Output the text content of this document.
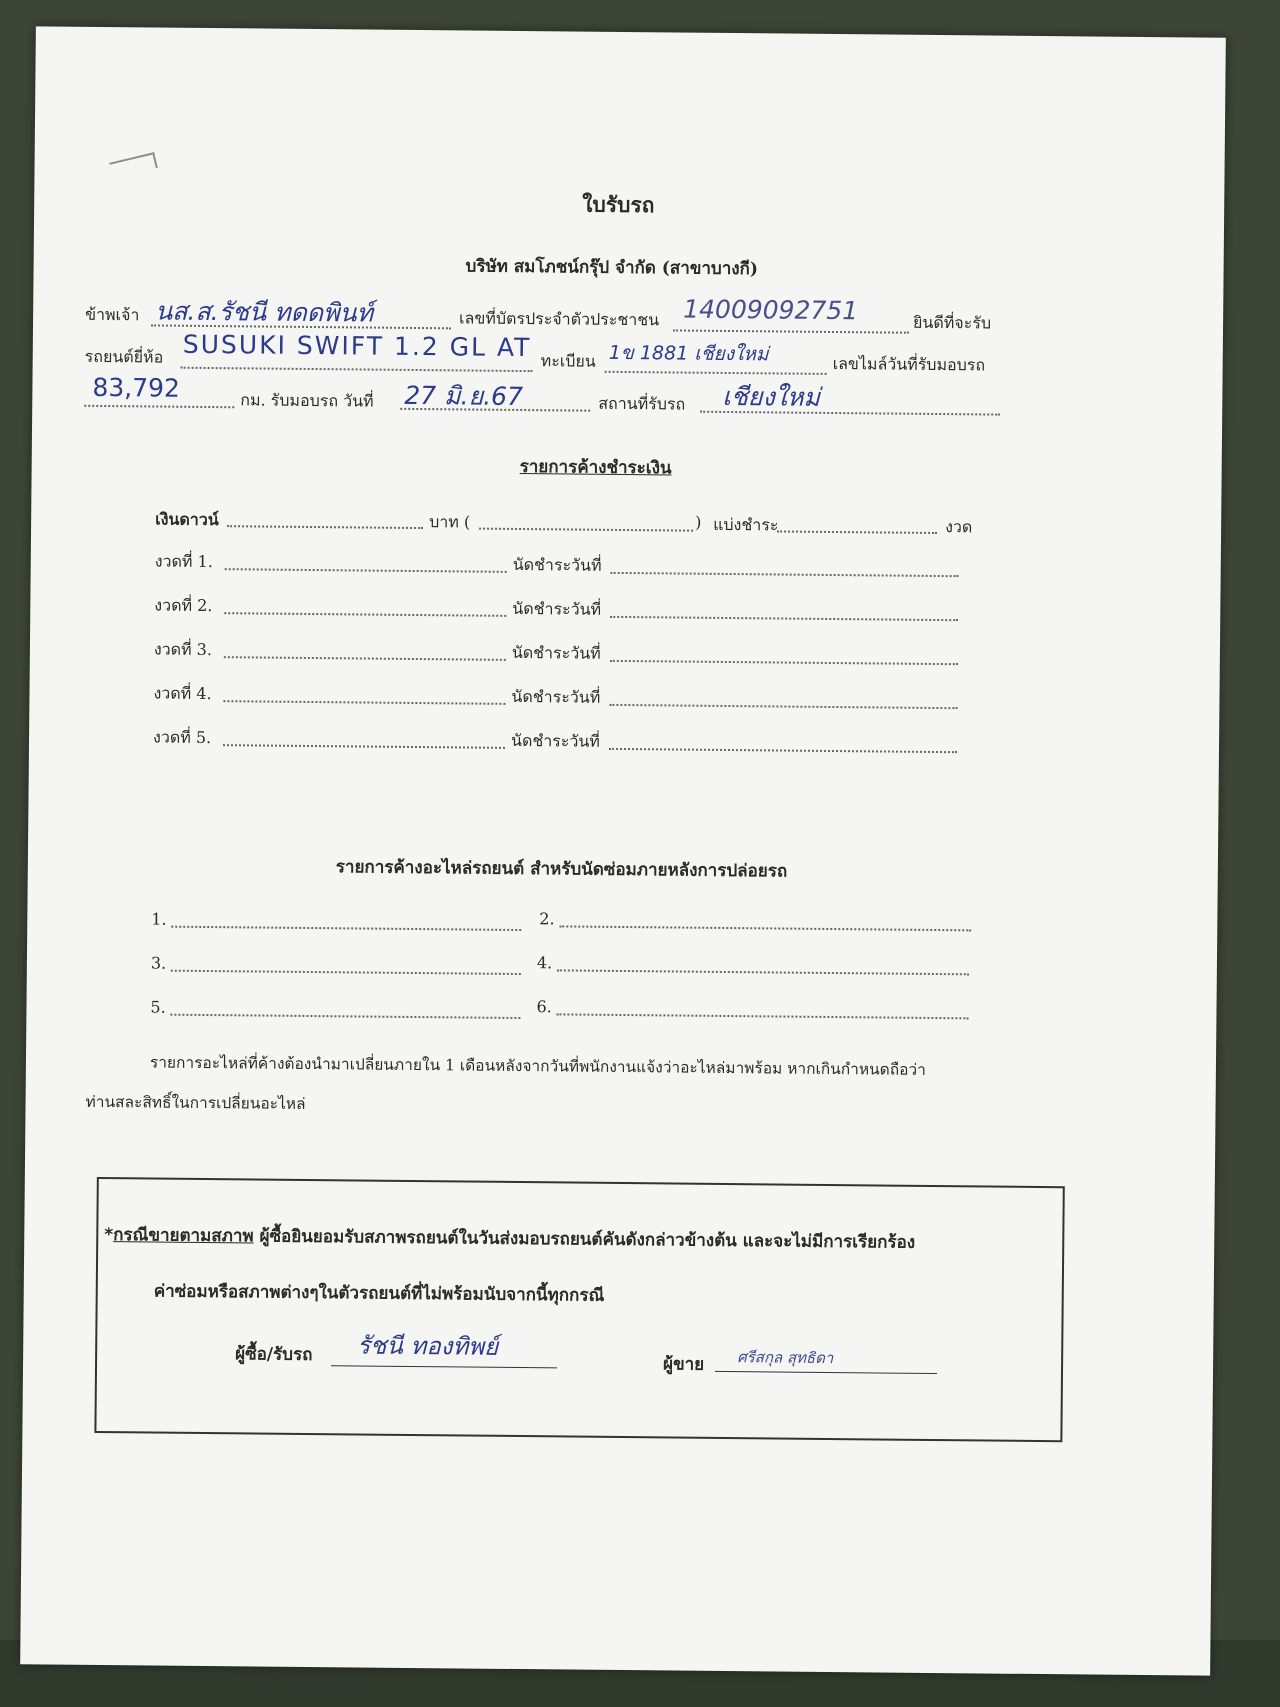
ใบรับรถ
บริษัท สมโภชน์กรุ๊ป จำกัด (สาขาบางกี)
ข้าพเจ้า นส.ส.รัชนี ทดดพินท์	เลขที่บัตรประจำตัวประชาชน 14009092751	ยินดีที่จะรับ
รถยนต์ยี่ห้อ SUSUKI SWIFT 1.2 GL AT ทะเบียน 1ข 1881 เชียงใหม่	เลขไมล์วันที่รับมอบรถ
83,792	กม. รับมอบรถ วันที่ 27 มิ.ย.67	สถานที่รับรถ เชียงใหม่
รายการค้างชำระเงิน
เงินดาวน์	บาท (	) แบ่งชำระ	งวด
งวดที่ 1.	นัดชำระวันที่
งวดที่ 2.	นัดชำระวันที่
งวดที่ 3.	นัดชำระวันที่
งวดที่ 4.	นัดชำระวันที่
งวดที่ 5.	นัดชำระวันที่
รายการค้างอะไหล่รถยนต์ สำหรับนัดซ่อมภายหลังการปล่อยรถ
1.	2.
3.	4.
5.	6.
รายการอะไหล่ที่ค้างต้องนำมาเปลี่ยนภายใน 1 เดือนหลังจากวันที่พนักงานแจ้งว่าอะไหล่มาพร้อม หากเกินกำหนดถือว่า
ท่านสละสิทธิ์ในการเปลี่ยนอะไหล่
*กรณีขายตามสภาพ ผู้ซื้อยินยอมรับสภาพรถยนต์ในวันส่งมอบรถยนต์คันดังกล่าวข้างต้น และจะไม่มีการเรียกร้อง
ค่าซ่อมหรือสภาพต่างๆในตัวรถยนต์ที่ไม่พร้อมนับจากนี้ทุกกรณี
ผู้ซื้อ/รับรถ รัชนี ทองทิพย์
ผู้ขาย ศรีสกุล สุทธิดา
